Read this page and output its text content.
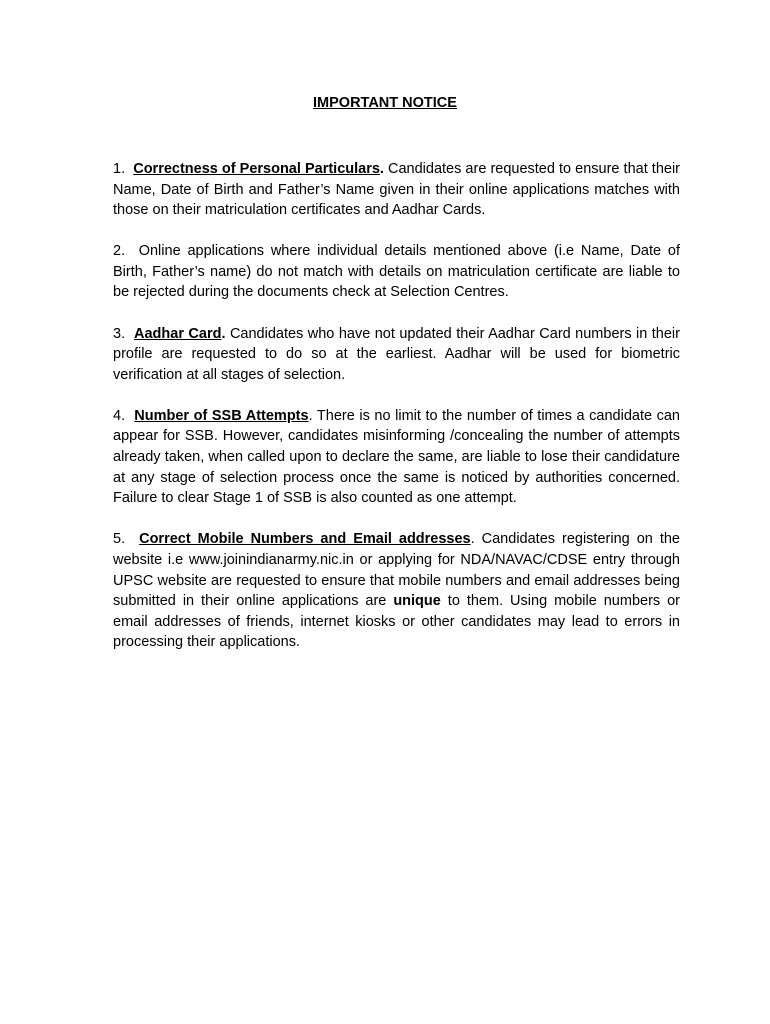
IMPORTANT NOTICE

1. Correctness of Personal Particulars. Candidates are requested to ensure that their Name, Date of Birth and Father’s Name given in their online applications matches with those on their matriculation certificates and Aadhar Cards.

2. Online applications where individual details mentioned above (i.e Name, Date of Birth, Father’s name) do not match with details on matriculation certificate are liable to be rejected during the documents check at Selection Centres.

3. Aadhar Card. Candidates who have not updated their Aadhar Card numbers in their profile are requested to do so at the earliest. Aadhar will be used for biometric verification at all stages of selection.

4. Number of SSB Attempts. There is no limit to the number of times a candidate can appear for SSB. However, candidates misinforming /concealing the number of attempts already taken, when called upon to declare the same, are liable to lose their candidature at any stage of selection process once the same is noticed by authorities concerned. Failure to clear Stage 1 of SSB is also counted as one attempt.

5. Correct Mobile Numbers and Email addresses. Candidates registering on the website i.e www.joinindianarmy.nic.in or applying for NDA/NAVAC/CDSE entry through UPSC website are requested to ensure that mobile numbers and email addresses being submitted in their online applications are unique to them. Using mobile numbers or email addresses of friends, internet kiosks or other candidates may lead to errors in processing their applications.
